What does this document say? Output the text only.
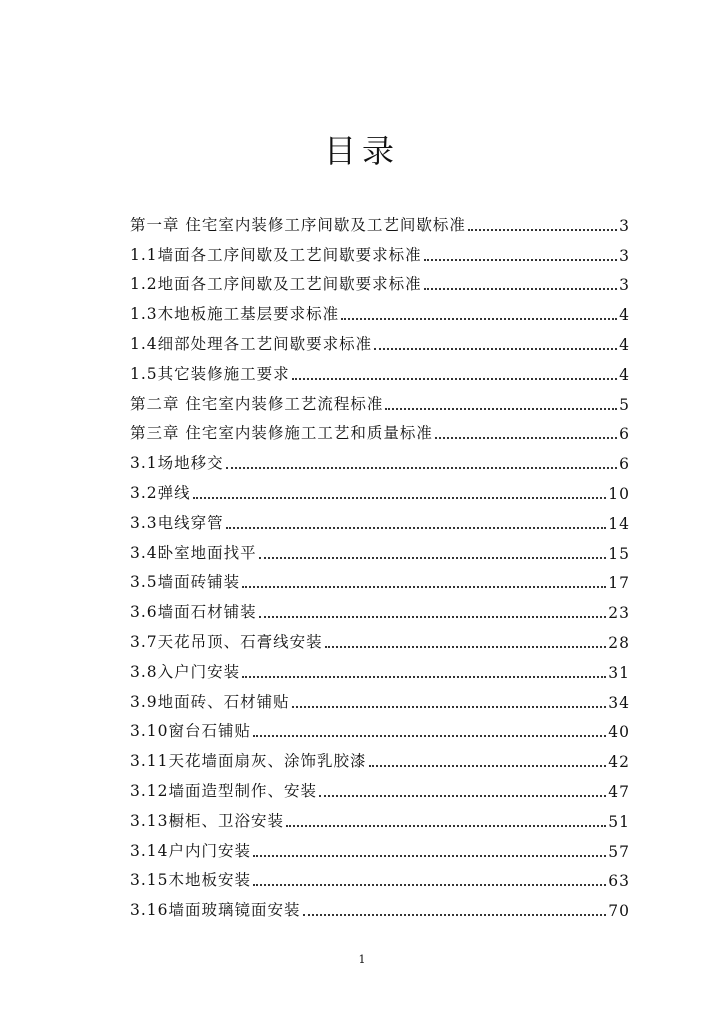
目录
第一章 住宅室内装修工序间歇及工艺间歇标准	3
1.1墙面各工序间歇及工艺间歇要求标准	3
1.2地面各工序间歇及工艺间歇要求标准	3
1.3木地板施工基层要求标准	4
1.4细部处理各工艺间歇要求标准	4
1.5其它装修施工要求	4
第二章 住宅室内装修工艺流程标准	5
第三章 住宅室内装修施工工艺和质量标准	6
3.1场地移交	6
3.2弹线	10
3.3电线穿管	14
3.4卧室地面找平	15
3.5墙面砖铺装	17
3.6墙面石材铺装	23
3.7天花吊顶、石膏线安装	28
3.8入户门安装	31
3.9地面砖、石材铺贴	34
3.10窗台石铺贴	40
3.11天花墙面扇灰、涂饰乳胶漆	42
3.12墙面造型制作、安装	47
3.13橱柜、卫浴安装	51
3.14户内门安装	57
3.15木地板安装	63
3.16墙面玻璃镜面安装	70
1
